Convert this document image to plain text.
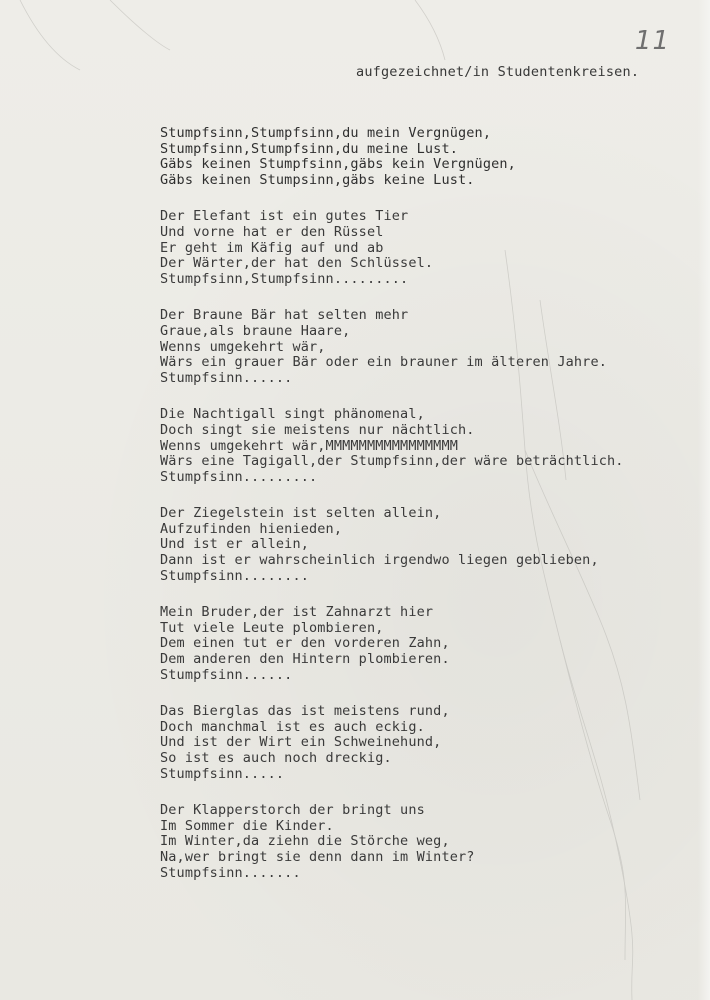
11
aufgezeichnet/in Studentenkreisen.
Stumpfsinn,Stumpfsinn,du mein Vergnügen,
Stumpfsinn,Stumpfsinn,du meine Lust.
Gäbs keinen Stumpfsinn,gäbs kein Vergnügen,
Gäbs keinen Stumpsinn,gäbs keine Lust.
Der Elefant ist ein gutes Tier
Und vorne hat er den Rüssel
Er geht im Käfig auf und ab
Der Wärter,der hat den Schlüssel.
Stumpfsinn,Stumpfsinn.........
Der Braune Bär hat selten mehr
Graue,als braune Haare,
Wenns umgekehrt wär,
Wärs ein grauer Bär oder ein brauner im älteren Jahre.
Stumpfsinn......
Die Nachtigall singt phänomenal,
Doch singt sie meistens nur nächtlich.
Wenns umgekehrt wär,MMMMMMMMMMMMMMMM
Wärs eine Tagigall,der Stumpfsinn,der wäre beträchtlich.
Stumpfsinn.........
Der Ziegelstein ist selten allein,
Aufzufinden hienieden,
Und ist er allein,
Dann ist er wahrscheinlich irgendwo liegen geblieben,
Stumpfsinn........
Mein Bruder,der ist Zahnarzt hier
Tut viele Leute plombieren,
Dem einen tut er den vorderen Zahn,
Dem anderen den Hintern plombieren.
Stumpfsinn......
Das Bierglas das ist meistens rund,
Doch manchmal ist es auch eckig.
Und ist der Wirt ein Schweinehund,
So ist es auch noch dreckig.
Stumpfsinn.....
Der Klapperstorch der bringt uns
Im Sommer die Kinder.
Im Winter,da ziehn die Störche weg,
Na,wer bringt sie denn dann im Winter?
Stumpfsinn.......
